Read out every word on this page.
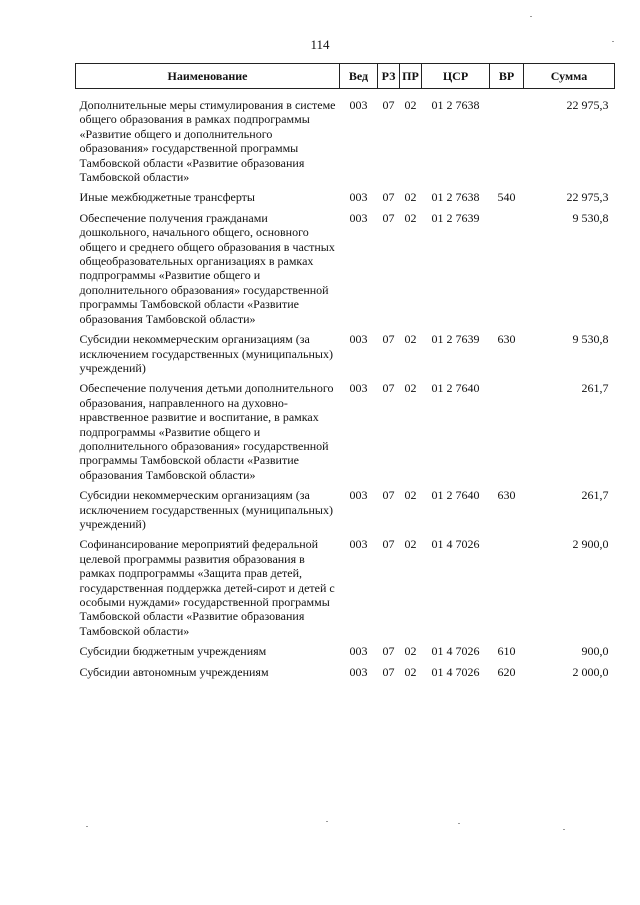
114
Наименование	Вед	РЗ	ПР	ЦСР	ВР	Сумма
Дополнительные меры стимулирования в системе общего образования в рамках подпрограммы «Развитие общего и дополнительного образования» государственной программы Тамбовской области «Развитие образования Тамбовской области»	003	07	02	01 2 7638		22 975,3
Иные межбюджетные трансферты	003	07	02	01 2 7638	540	22 975,3
Обеспечение получения гражданами дошкольного, начального общего, основного общего и среднего общего образования в частных общеобразовательных организациях в рамках подпрограммы «Развитие общего и дополнительного образования» государственной программы Тамбовской области «Развитие образования Тамбовской области»	003	07	02	01 2 7639		9 530,8
Субсидии некоммерческим организациям (за исключением государственных (муниципальных) учреждений)	003	07	02	01 2 7639	630	9 530,8
Обеспечение получения детьми дополнительного образования, направленного на духовно-нравственное развитие и воспитание, в рамках подпрограммы «Развитие общего и дополнительного образования» государственной программы Тамбовской области «Развитие образования Тамбовской области»	003	07	02	01 2 7640		261,7
Субсидии некоммерческим организациям (за исключением государственных (муниципальных) учреждений)	003	07	02	01 2 7640	630	261,7
Софинансирование мероприятий федеральной целевой программы развития образования в рамках подпрограммы «Защита прав детей, государственная поддержка детей-сирот и детей с особыми нуждами» государственной программы Тамбовской области «Развитие образования Тамбовской области»	003	07	02	01 4 7026		2 900,0
Субсидии бюджетным учреждениям	003	07	02	01 4 7026	610	900,0
Субсидии автономным учреждениям	003	07	02	01 4 7026	620	2 000,0
